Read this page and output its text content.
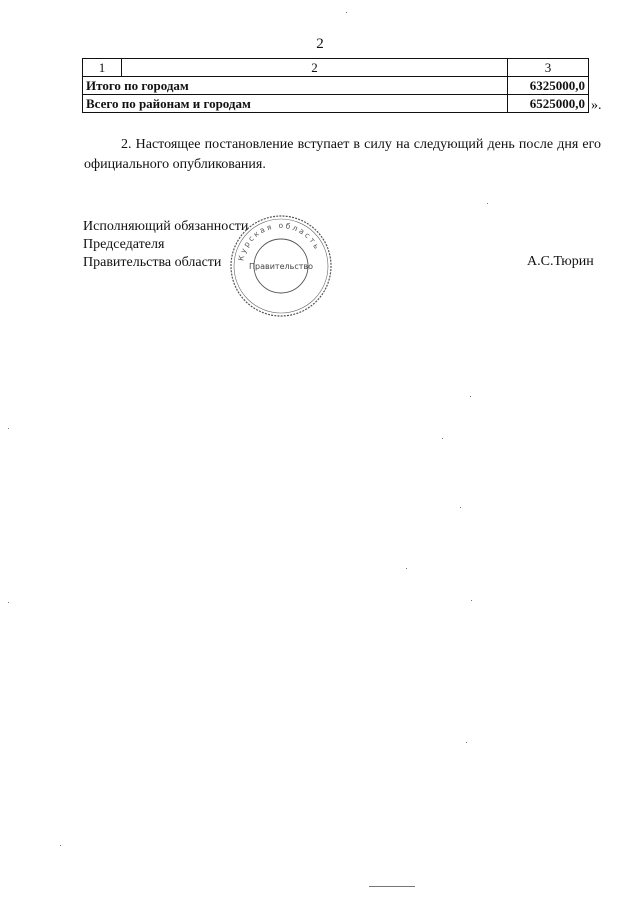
2
1	2	3
Итого по городам		6325000,0
Всего по районам и городам		6525000,0 ».
2. Настоящее постановление вступает в силу на следующий день после дня его официального опубликования.
Исполняющий обязанности
Председателя
Правительства области	А.С.Тюрин
Курская область
Правительство
